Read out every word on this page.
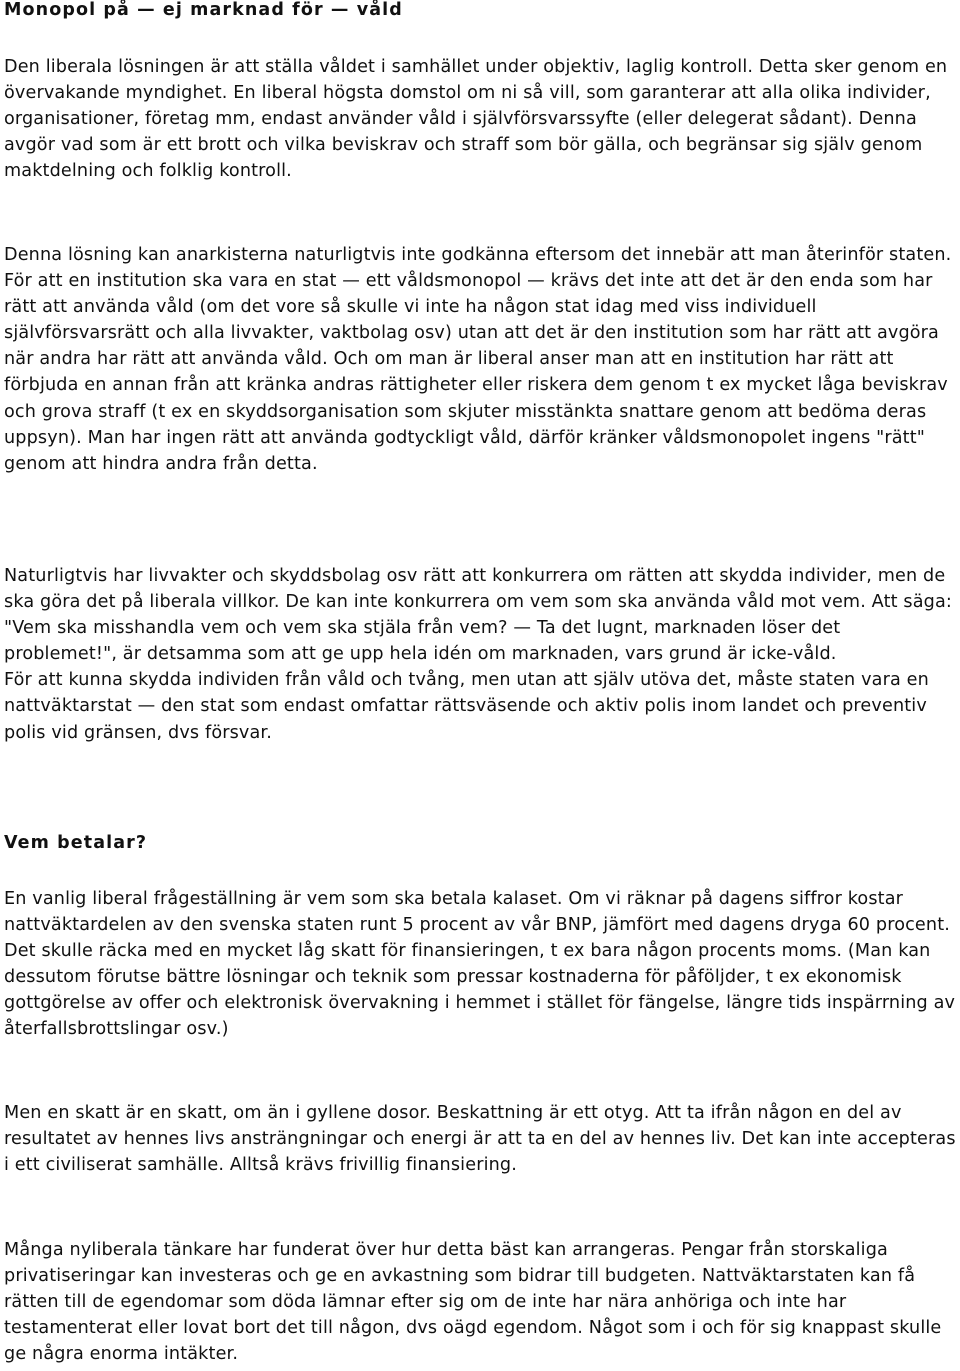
Monopol på — ej marknad för — våld

Den liberala lösningen är att ställa våldet i samhället under objektiv, laglig kontroll. Detta sker genom en övervakande myndighet. En liberal högsta domstol om ni så vill, som garanterar att alla olika individer, organisationer, företag mm, endast använder våld i självförsvarssyfte (eller delegerat sådant). Denna avgör vad som är ett brott och vilka beviskrav och straff som bör gälla, och begränsar sig själv genom maktdelning och folklig kontroll.

Denna lösning kan anarkisterna naturligtvis inte godkänna eftersom det innebär att man återinför staten. För att en institution ska vara en stat — ett våldsmonopol — krävs det inte att det är den enda som har rätt att använda våld (om det vore så skulle vi inte ha någon stat idag med viss individuell självförsvarsrätt och alla livvakter, vaktbolag osv) utan att det är den institution som har rätt att avgöra när andra har rätt att använda våld. Och om man är liberal anser man att en institution har rätt att förbjuda en annan från att kränka andras rättigheter eller riskera dem genom t ex mycket låga beviskrav och grova straff (t ex en skyddsorganisation som skjuter misstänkta snattare genom att bedöma deras uppsyn). Man har ingen rätt att använda godtyckligt våld, därför kränker våldsmonopolet ingens "rätt" genom att hindra andra från detta.

Naturligtvis har livvakter och skyddsbolag osv rätt att konkurrera om rätten att skydda individer, men de ska göra det på liberala villkor. De kan inte konkurrera om vem som ska använda våld mot vem. Att säga: "Vem ska misshandla vem och vem ska stjäla från vem? — Ta det lugnt, marknaden löser det problemet!", är detsamma som att ge upp hela idén om marknaden, vars grund är icke-våld.
För att kunna skydda individen från våld och tvång, men utan att själv utöva det, måste staten vara en nattväktarstat — den stat som endast omfattar rättsväsende och aktiv polis inom landet och preventiv polis vid gränsen, dvs försvar.

Vem betalar?

En vanlig liberal frågeställning är vem som ska betala kalaset. Om vi räknar på dagens siffror kostar nattväktardelen av den svenska staten runt 5 procent av vår BNP, jämfört med dagens dryga 60 procent. Det skulle räcka med en mycket låg skatt för finansieringen, t ex bara någon procents moms. (Man kan dessutom förutse bättre lösningar och teknik som pressar kostnaderna för påföljder, t ex ekonomisk gottgörelse av offer och elektronisk övervakning i hemmet i stället för fängelse, längre tids inspärrning av återfallsbrottslingar osv.)

Men en skatt är en skatt, om än i gyllene dosor. Beskattning är ett otyg. Att ta ifrån någon en del av resultatet av hennes livs ansträngningar och energi är att ta en del av hennes liv. Det kan inte accepteras i ett civiliserat samhälle. Alltså krävs frivillig finansiering.

Många nyliberala tänkare har funderat över hur detta bäst kan arrangeras. Pengar från storskaliga privatiseringar kan investeras och ge en avkastning som bidrar till budgeten. Nattväktarstaten kan få rätten till de egendomar som döda lämnar efter sig om de inte har nära anhöriga och inte har testamenterat eller lovat bort det till någon, dvs oägd egendom. Något som i och för sig knappast skulle ge några enorma intäkter.
